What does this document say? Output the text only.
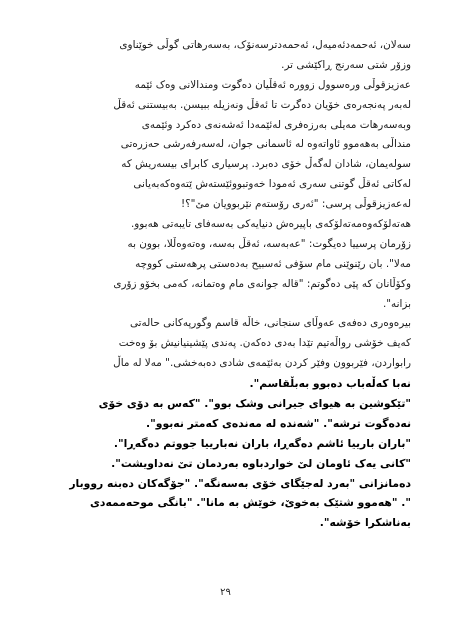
سەلان، ئەحمەدئەمیەل، ئەحمەدترسەنۆک، بەسەرهاتی گوڵی خوێناوی
وزۆر شتی سەرنج ڕاکێشی تر.
عەزیزقوڵی ورەسوول زوورە ئەقڵیان دەگوت ومندالانی وەک ئێمە
لەبەر پەنجەرەی خۆیان دەگرت تا ئەقڵ ونەزیلە ببیسن. بەبیستنی ئەقڵ
وبەسەرهات مەیلی بەرزەفری لەئێمەدا ئەشەنەی دەکرد وئێمەی
منداڵی بەهەموو ئاواتەوە لە ئاسمانی جوان، لەسەرفەرشی حەزرەتی
سولەیمان، شادان لەگەڵ خۆی دەبرد. پرسیاری کابرای بیسەریش کە
لەکاتی ئەقڵ گوتنی سەری ئەمودا خەوتبووئێستەش ێتەوەکەبەیانی
لەعەزیزقوڵی پرسی: "ئەری رۆستەم نێربوویان مێ"؟!
هەتەلۆکەوەمەتەلۆکەی باپیرەش دنیایەکی بەسەفای تایبەتی هەبوو.
زۆرمان پرسییا دەیگوت: "عەبەسە، ئەقڵ بەسە، وەتەوەڵلا، بوون بە
مەلا". بان رێنوێنی مام سۆفی ئەسبیح بەدەستی پرهەستی کووچە
وکۆڵانان کە پێی دەگوتم: "قالە جوانەی مام وەتمانە، کەمی بخۆو زۆری
بزانە".
بیرەوەری دەفەی عەوڵای سنجانی، خاڵە قاسم وگورپەکانی حالەتی
کەیف خۆشی رواڵەتیم تێدا بەدی دەکەن. پەندی پێشینیانیش بۆ وەخت
رابواردن، فێربوون وفێر کردن بەئێمەی شادی دەبەخشی." مەلا لە ماڵ
نەبا کەڵەباب دەبوو بەبڵقاسم".
"تێکوشین بە هیوای جیرانی وشک بوو". "کەس بە دۆی خۆی
نەدەگوت ترشە". "شەندە لە مەندەی کەمتر نەبوو".
"باران بارییا ئاشم دەگەڕا، باران نەبارییا جووتم دەگەڕا".
"کانی یەک ئاومان لێ خواردباوە بەردمان تێ نەداویشت".
دەمانزانی "بەرد لەجێگای خۆی بەسەنگە". "جۆگەکان دەبنە رووبار
". "هەموو شتێک بەخوێ، خوێش بە مانا". "بانگی موحەممەدی
بەناشکرا خۆشە".
٢٩
